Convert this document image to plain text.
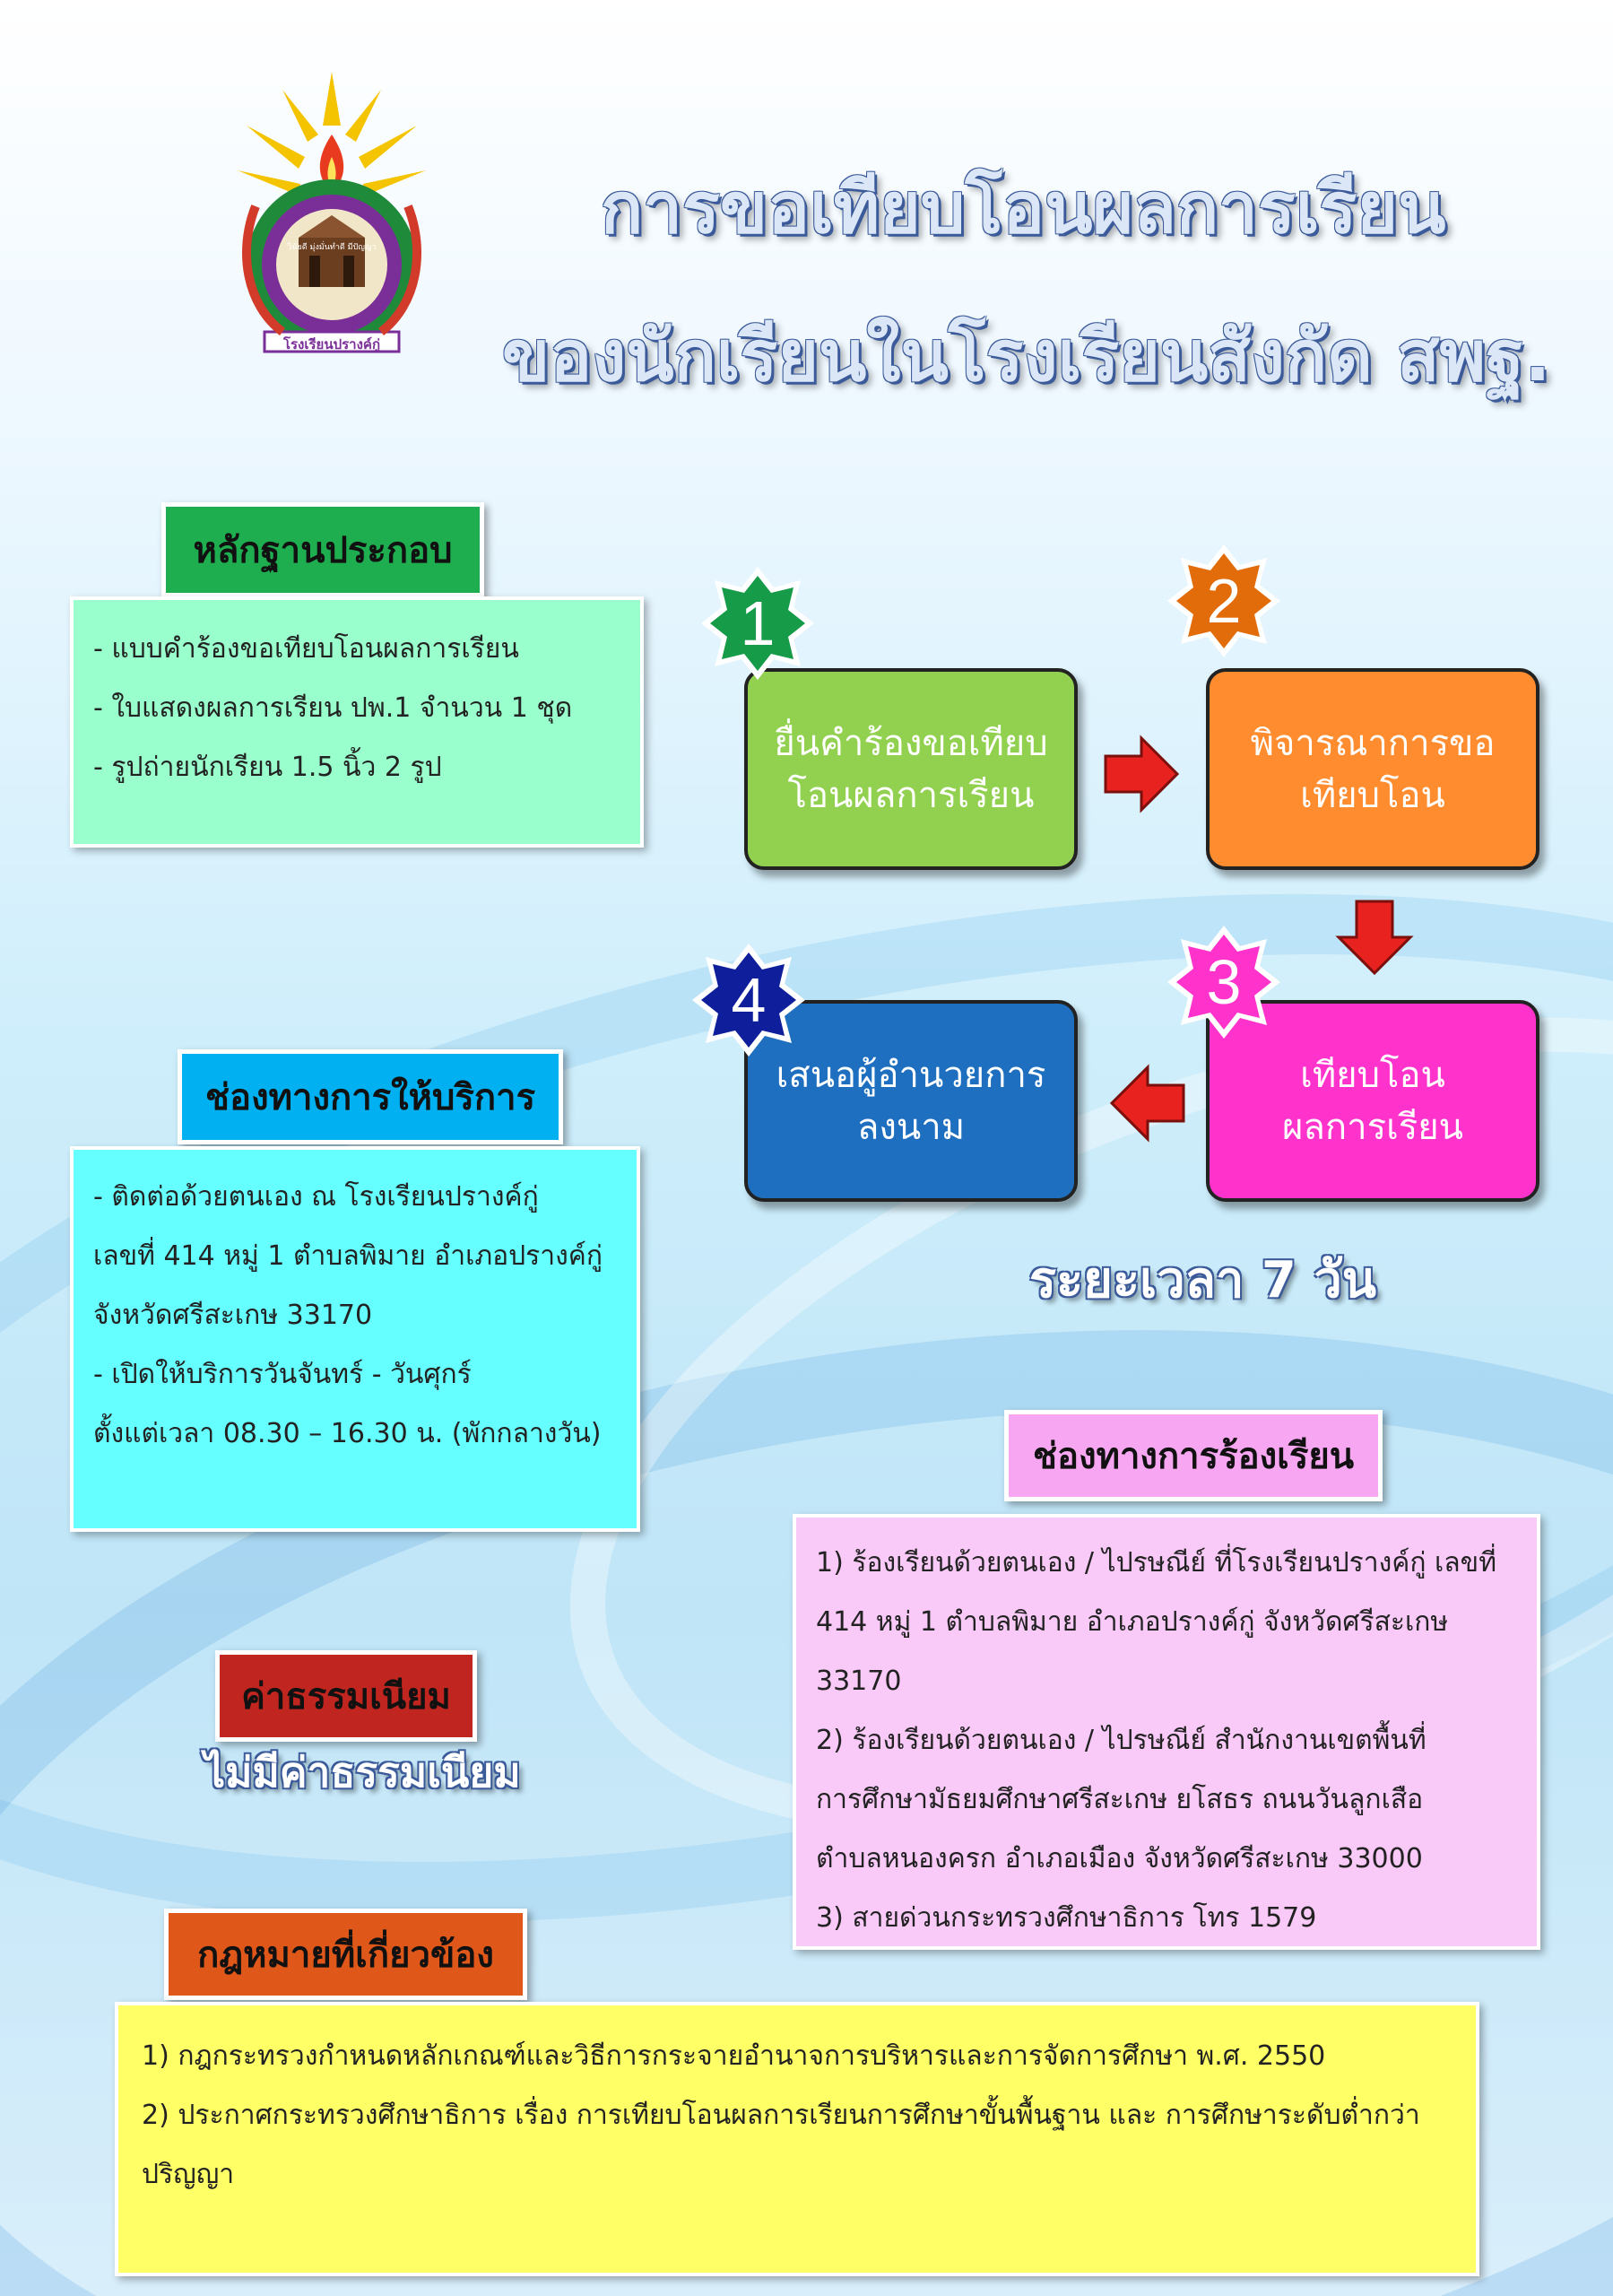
วินัยดี มุ่งมั่นทำดี มีปัญญา
โรงเรียนปรางค์กู่
การขอเทียบโอนผลการเรียน
ของนักเรียนในโรงเรียนสังกัด สพฐ.
หลักฐานประกอบ
- แบบคำร้องขอเทียบโอนผลการเรียน
- ใบแสดงผลการเรียน ปพ.1 จำนวน 1 ชุด
- รูปถ่ายนักเรียน 1.5 นิ้ว 2 รูป
ช่องทางการให้บริการ
- ติดต่อด้วยตนเอง ณ โรงเรียนปรางค์กู่
เลขที่ 414 หมู่ 1 ตำบลพิมาย อำเภอปรางค์กู่
จังหวัดศรีสะเกษ 33170
- เปิดให้บริการวันจันทร์ - วันศุกร์
ตั้งแต่เวลา 08.30 – 16.30 น. (พักกลางวัน)
ค่าธรรมเนียม
ไม่มีค่าธรรมเนียม
กฎหมายที่เกี่ยวข้อง
1) กฎกระทรวงกำหนดหลักเกณฑ์และวิธีการกระจายอำนาจการบริหารและการจัดการศึกษา พ.ศ. 2550
2) ประกาศกระทรวงศึกษาธิการ เรื่อง การเทียบโอนผลการเรียนการศึกษาขั้นพื้นฐาน และ การศึกษาระดับต่ำกว่า
ปริญญา
ยื่นคำร้องขอเทียบ
โอนผลการเรียน
พิจารณาการขอ
เทียบโอน
เทียบโอน
ผลการเรียน
เสนอผู้อำนวยการ
ลงนาม
1	2
3
4
ระยะเวลา 7 วัน
ช่องทางการร้องเรียน
1) ร้องเรียนด้วยตนเอง / ไปรษณีย์ ที่โรงเรียนปรางค์กู่ เลขที่
414 หมู่ 1 ตำบลพิมาย อำเภอปรางค์กู่ จังหวัดศรีสะเกษ
33170
2) ร้องเรียนด้วยตนเอง / ไปรษณีย์ สำนักงานเขตพื้นที่
การศึกษามัธยมศึกษาศรีสะเกษ ยโสธร ถนนวันลูกเสือ
ตำบลหนองครก อำเภอเมือง จังหวัดศรีสะเกษ 33000
3) สายด่วนกระทรวงศึกษาธิการ โทร 1579
